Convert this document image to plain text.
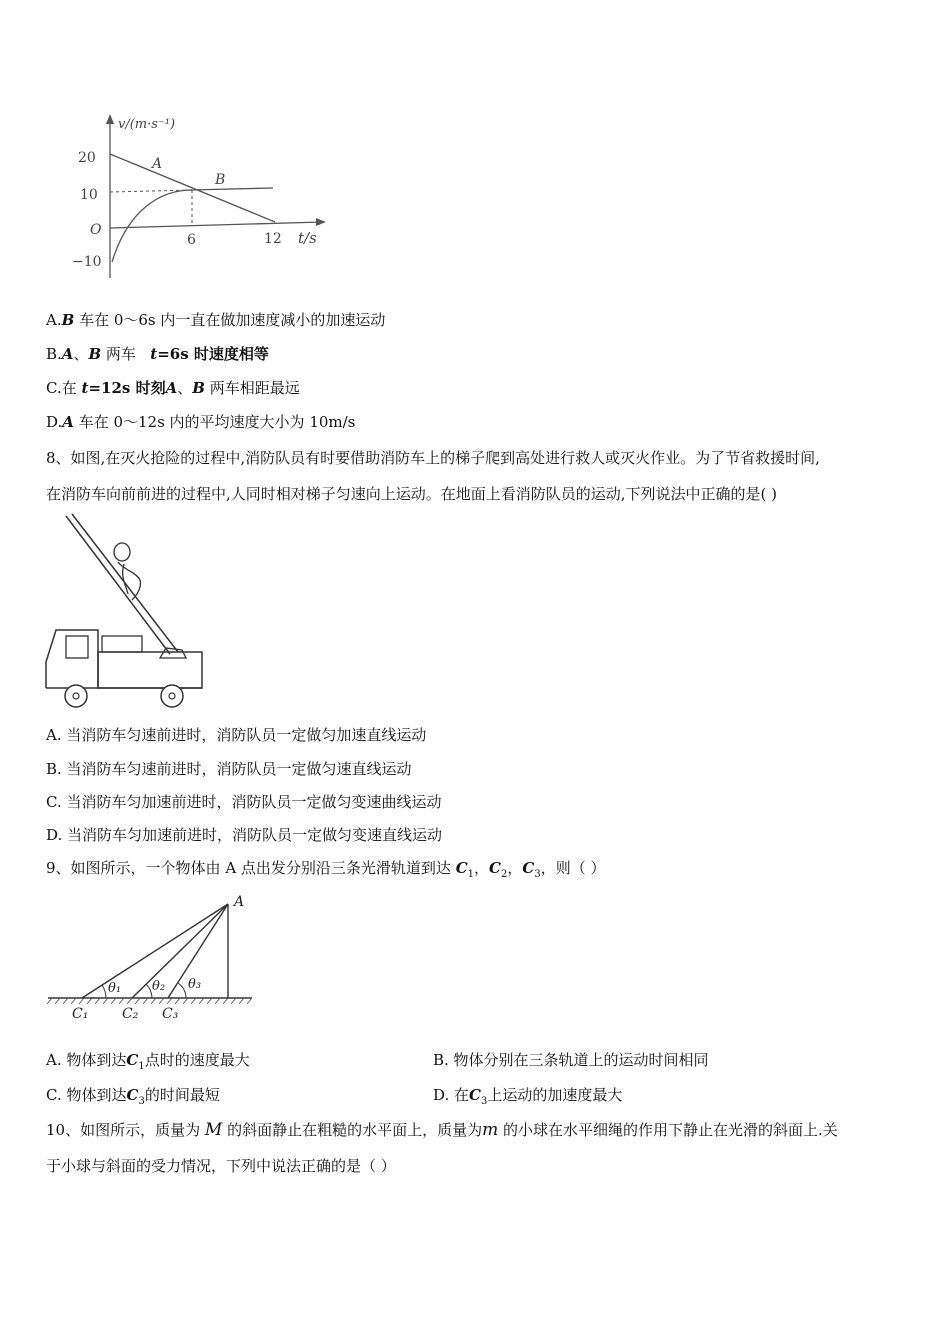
v/(m·s⁻¹)
20
10
O
−10
6	12 t/s
A
B
A.B 车在 0～6s 内一直在做加速度减小的加速运动
B.A、B 两车 t=6s 时速度相等
C.在 t=12s 时刻A、B 两车相距最远
D.A 车在 0～12s 内的平均速度大小为 10m/s
8、如图,在灭火抢险的过程中,消防队员有时要借助消防车上的梯子爬到高处进行救人或灭火作业。为了节省救援时间,
在消防车向前前进的过程中,人同时相对梯子匀速向上运动。在地面上看消防队员的运动,下列说法中正确的是( )
A. 当消防车匀速前进时，消防队员一定做匀加速直线运动
B. 当消防车匀速前进时，消防队员一定做匀速直线运动
C. 当消防车匀加速前进时，消防队员一定做匀变速曲线运动
D. 当消防车匀加速前进时，消防队员一定做匀变速直线运动
9、如图所示，一个物体由 A 点出发分别沿三条光滑轨道到达 $C_1$，$C_2$，$C_3$，则（ ）
A
θ₁ θ₂ θ₃
C₁ C₂ C₃
A. 物体到达$C_1$点时的速度最大	B. 物体分别在三条轨道上的运动时间相同
C. 物体到达$C_3$的时间最短	D. 在$C_3$上运动的加速度最大
10、如图所示，质量为 M 的斜面静止在粗糙的水平面上，质量为m 的小球在水平细绳的作用下静止在光滑的斜面上.关
于小球与斜面的受力情况，下列中说法正确的是（ ）
